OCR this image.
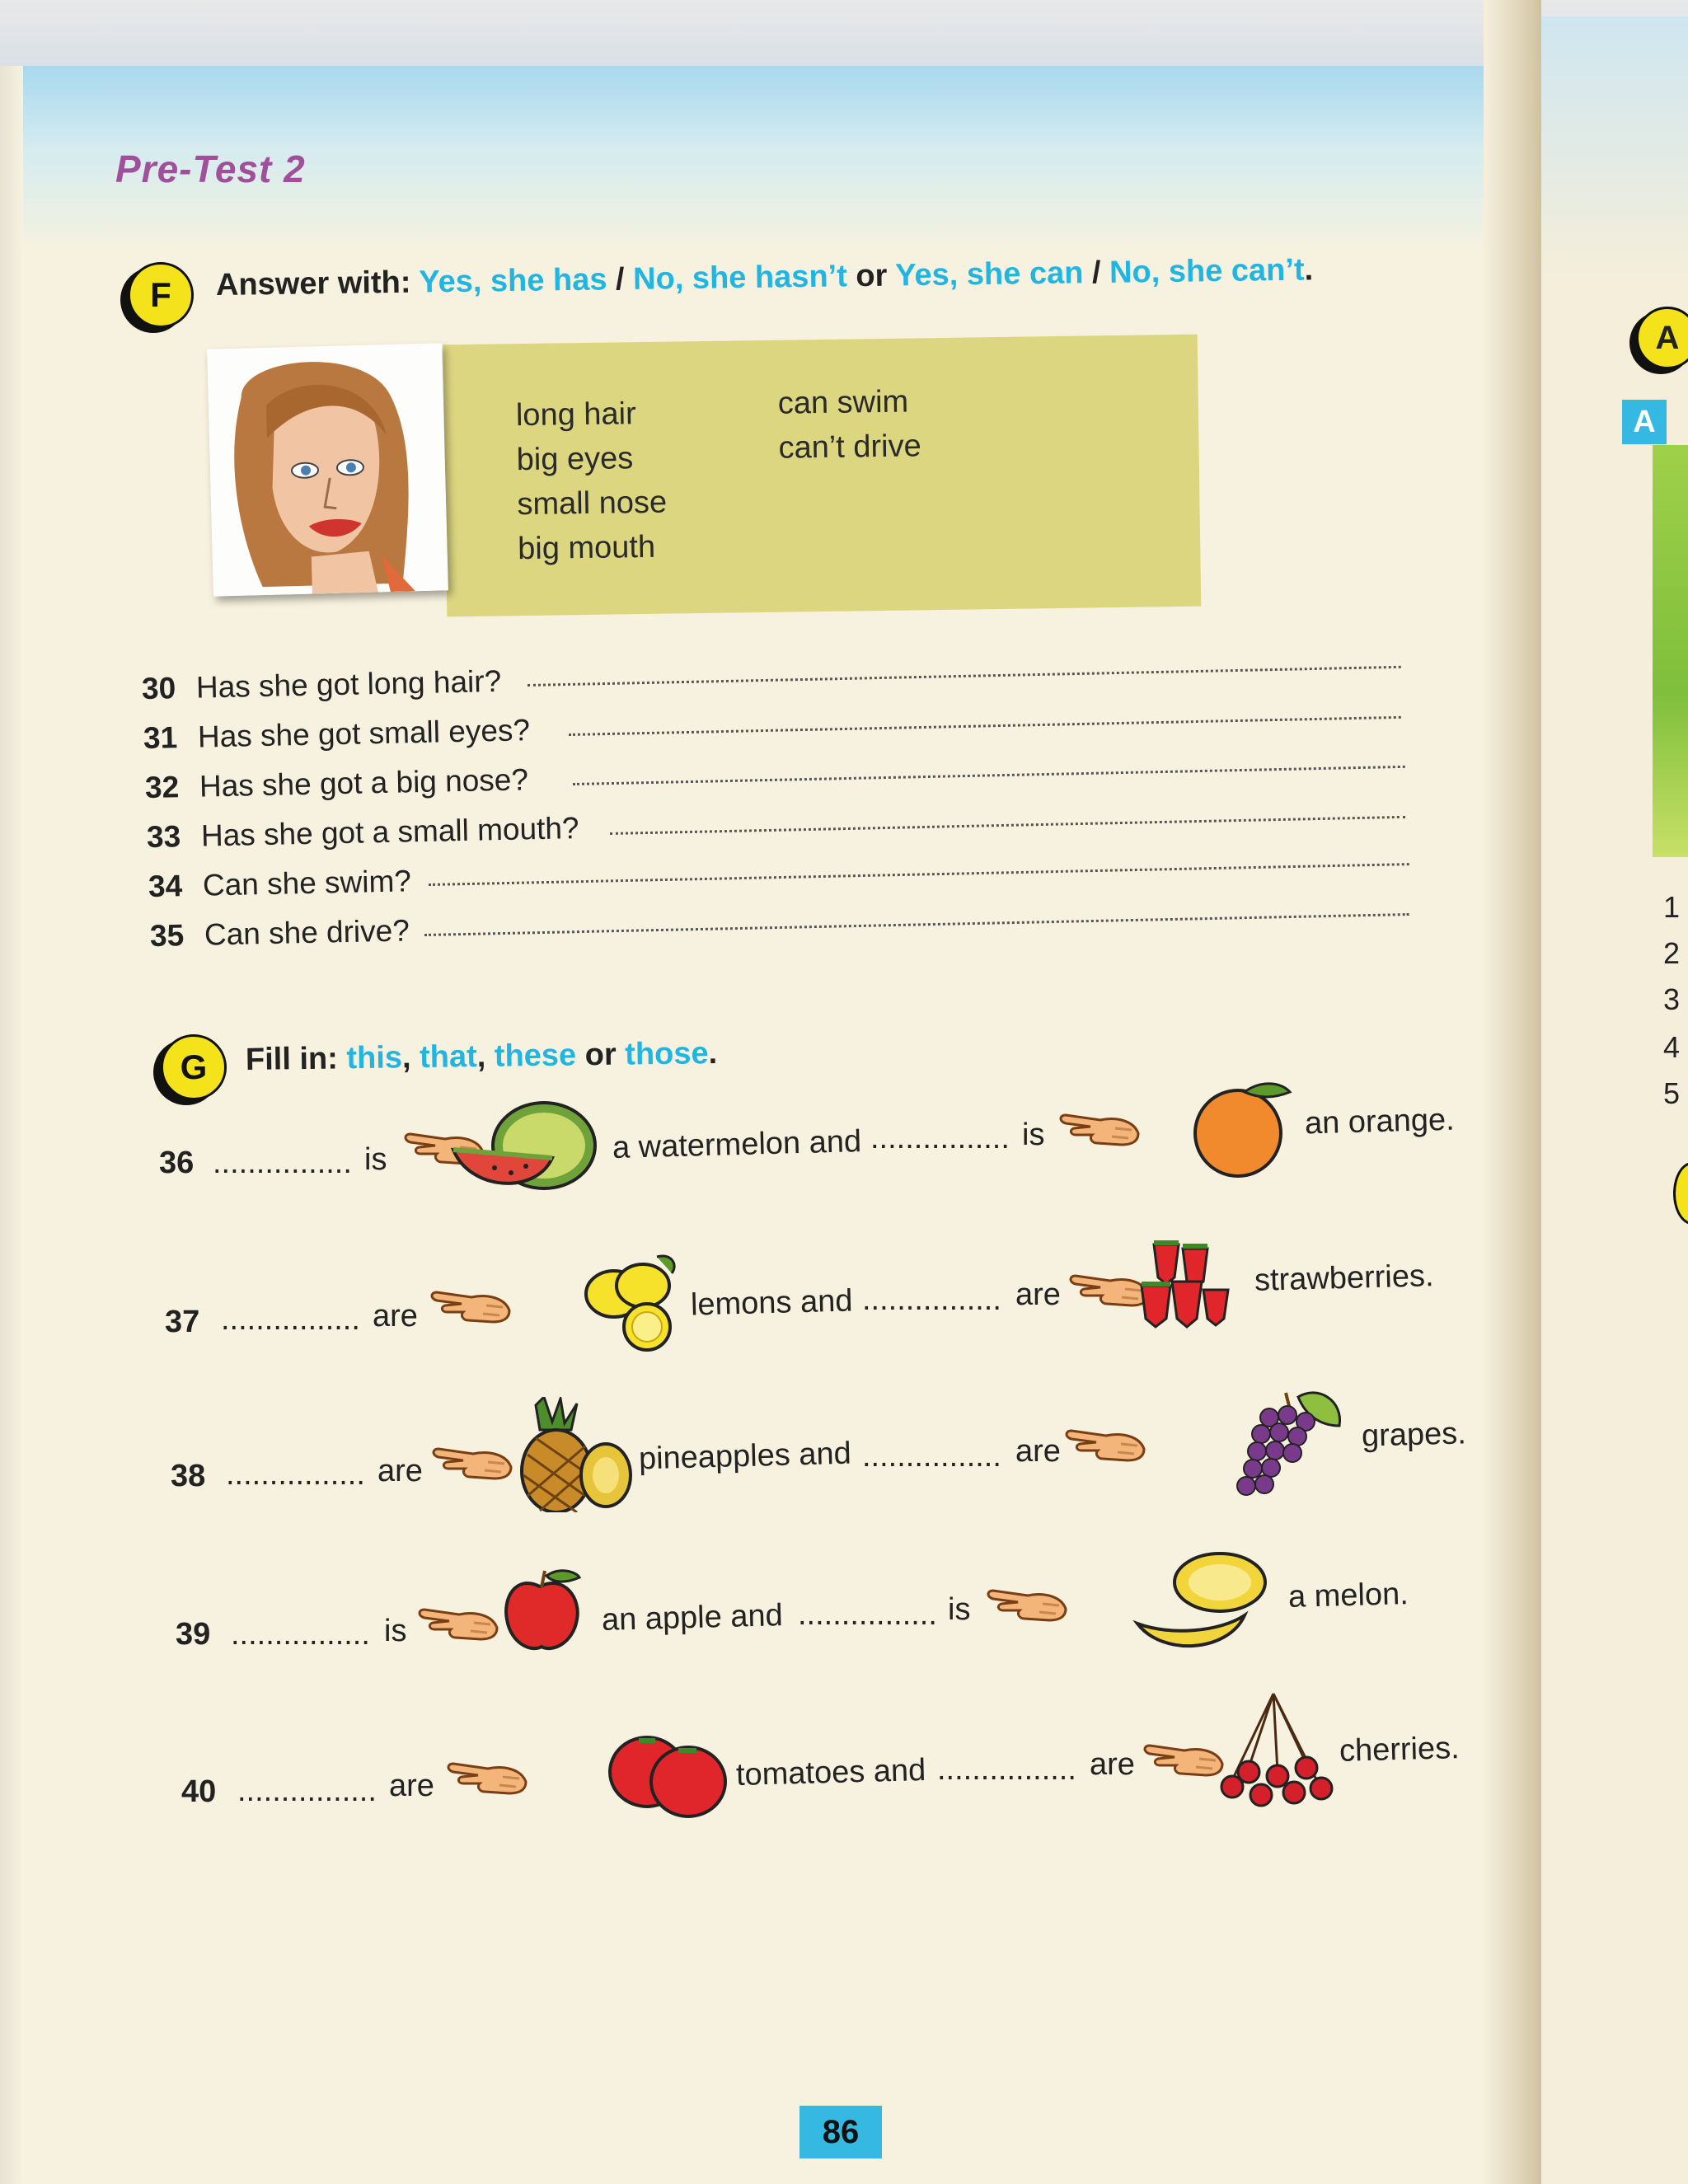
A
A
1
2
3
4
5
Pre-Test 2
F	Answer with: Yes, she has / No, she hasn’t or Yes, she can / No, she can’t.
long hair
big eyes
small nose
big mouth
can swim
can’t drive
30 Has she got long hair?
31 Has she got small eyes?
32 Has she got a big nose?
33 Has she got a small mouth?
34 Can she swim?
35 Can she drive?
G	Fill in: this, that, these or those.
36 ................ is	a watermelon and ................ is	an orange.
37 ................ are	lemons and ................ are	strawberries.
38 ................ are	pineapples and ................ are	grapes.
39 ................ is	an apple and ................ is	a melon.
40 ................ are	tomatoes and ................ are	cherries.
86
